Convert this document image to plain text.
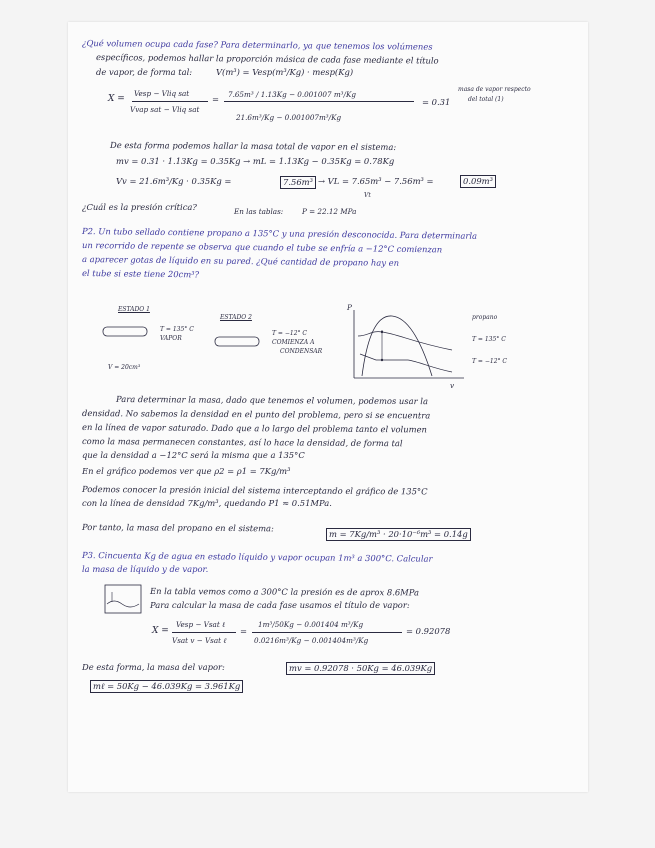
¿Qué volumen ocupa cada fase? Para determinarlo, ya que tenemos los volúmenes
específicos, podemos hallar la proporción másica de cada fase mediante el título
de vapor, de forma tal:	V(m³) = Vesp(m³/Kg) · mesp(Kg)
X =
Vesp − Vliq sat
Vvap sat − Vliq sat
= 7.65m³ / 1.13Kg − 0.001007 m³/Kg
21.6m³/Kg − 0.001007m³/Kg
= 0.31
masa de vapor respecto
del total (1)
De esta forma podemos hallar la masa total de vapor en el sistema:
mv = 0.31 · 1.13Kg = 0.35Kg → mL = 1.13Kg − 0.35Kg = 0.78Kg
Vv = 21.6m³/Kg · 0.35Kg =	7.56m³ → VL = 7.65m³ − 7.56m³ =	0.09m³
Vt
¿Cuál es la presión crítica?	En las tablas:	P = 22.12 MPa
P2. Un tubo sellado contiene propano a 135°C y una presión desconocida. Para determinarla
un recorrido de repente se observa que cuando el tube se enfría a −12°C comienzan
a aparecer gotas de líquido en su pared. ¿Qué cantidad de propano hay en
el tube si este tiene 20cm³?
ESTADO 1
ESTADO 2
T = 135° C
VAPOR
T = −12° C
COMIENZA A
CONDENSAR
V = 20cm³
P
v
propano
T = 135° C
T = −12° C
Para determinar la masa, dado que tenemos el volumen, podemos usar la
densidad. No sabemos la densidad en el punto del problema, pero si se encuentra
en la línea de vapor saturado. Dado que a lo largo del problema tanto el volumen
como la masa permanecen constantes, así lo hace la densidad, de forma tal
que la densidad a −12°C será la misma que a 135°C
En el gráfico podemos ver que ρ2 = ρ1 = 7Kg/m³
Podemos conocer la presión inicial del sistema interceptando el gráfico de 135°C
con la línea de densidad 7Kg/m³, quedando P1 ≈ 0.51MPa.
Por tanto, la masa del propano en el sistema:
m = 7Kg/m³ · 20·10⁻⁶m³ = 0.14g
P3. Cincuenta Kg de agua en estado líquido y vapor ocupan 1m³ a 300°C. Calcular
la masa de líquido y de vapor.
En la tabla vemos como a 300°C la presión es de aprox 8.6MPa
Para calcular la masa de cada fase usamos el título de vapor:
X =
Vesp − Vsat ℓ
Vsat v − Vsat ℓ
=
1m³/50Kg − 0.001404 m³/Kg
0.0216m³/Kg − 0.001404m³/Kg
= 0.92078
De esta forma, la masa del vapor:	mv = 0.92078 · 50Kg = 46.039Kg
mℓ = 50Kg − 46.039Kg = 3.961Kg
